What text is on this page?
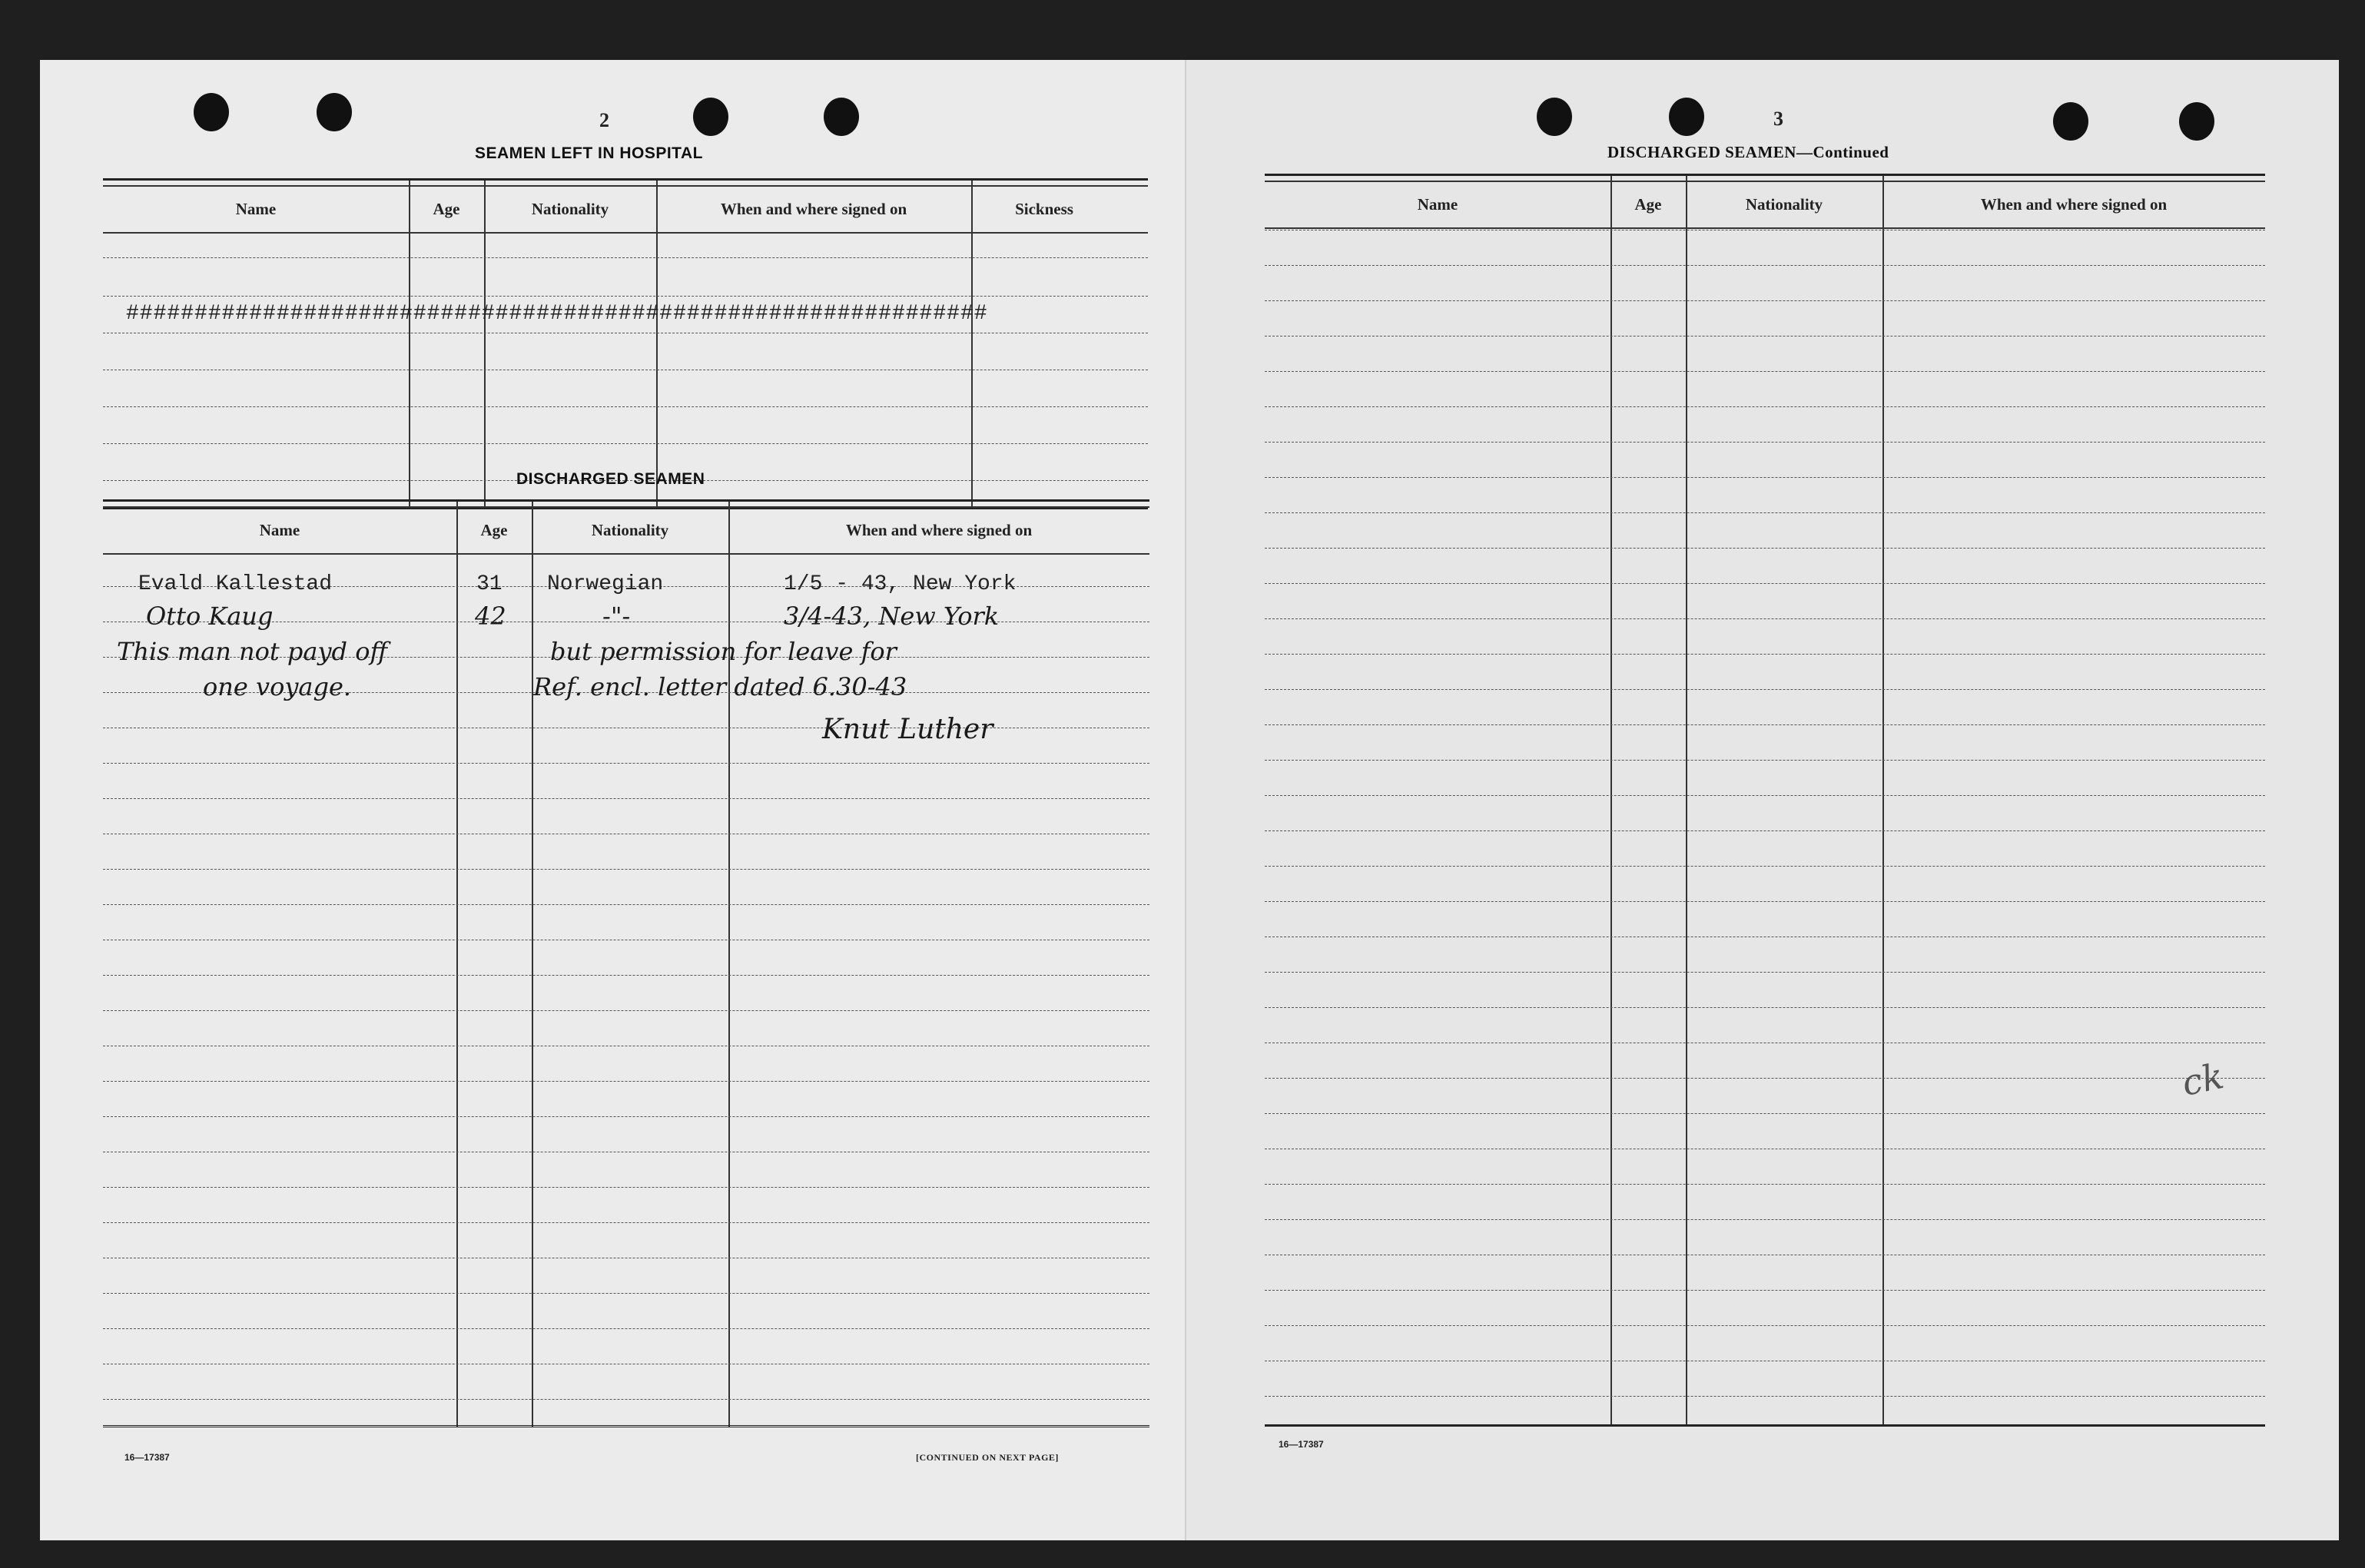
2
SEAMEN LEFT IN HOSPITAL
Name	Age	Nationality	When and where signed on	Sickness
###############################################################
DISCHARGED SEAMEN
Name	Age	Nationality	When and where signed on
Evald Kallestad	31 Norwegian	1/5 - 43, New York
Otto Kaug	42	-"-	3/4-43, New York
This man not payd off	but permission for leave for
one voyage.	Ref. encl. letter dated 6.30-43
Knut Luther
16—17387	[CONTINUED ON NEXT PAGE]
3
DISCHARGED SEAMEN—Continued
Name	Age	Nationality	When and where signed on
ck
16—17387
